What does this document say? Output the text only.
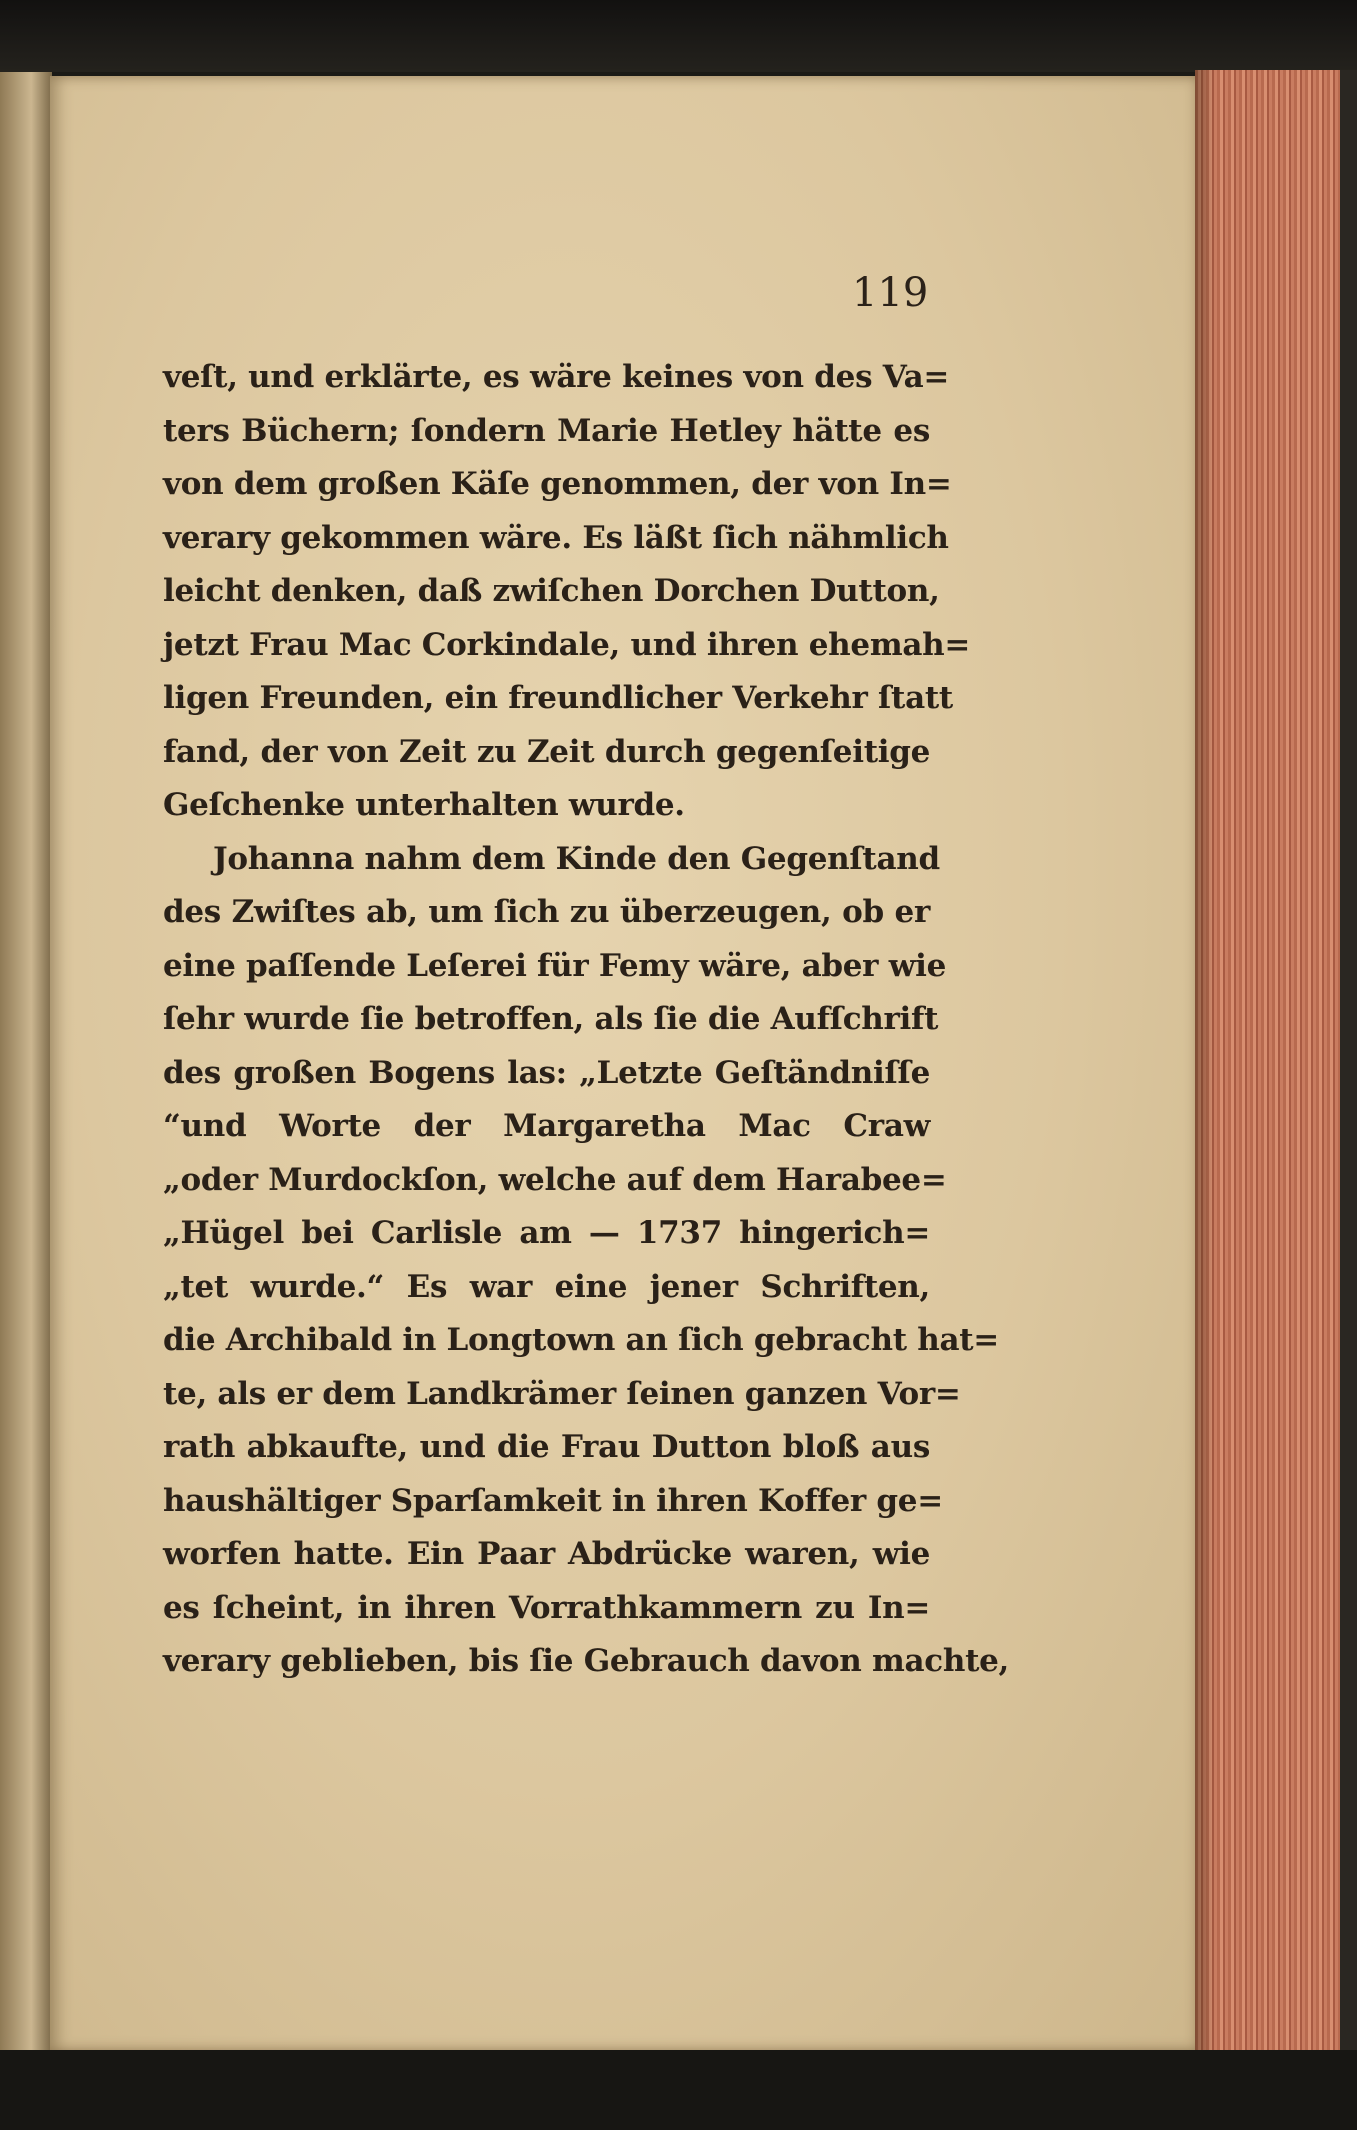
119
veſt, und erklärte, es wäre keines von des Va=
ters Büchern; ſondern Marie Hetley hätte es
von dem großen Käſe genommen, der von In=
verary gekommen wäre. Es läßt ſich nähmlich
leicht denken, daß zwiſchen Dorchen Dutton,
jetzt Frau Mac Corkindale, und ihren ehemah=
ligen Freunden, ein freundlicher Verkehr ſtatt
fand, der von Zeit zu Zeit durch gegenſeitige
Geſchenke unterhalten wurde.
Johanna nahm dem Kinde den Gegenſtand
des Zwiſtes ab, um ſich zu überzeugen, ob er
eine paſſende Leſerei für Femy wäre, aber wie
ſehr wurde ſie betroffen, als ſie die Aufſchrift
des großen Bogens las: „Letzte Geſtändniſſe
“und Worte der Margaretha Mac Craw
„oder Murdockſon, welche auf dem Harabee=
„Hügel bei Carlisle am — 1737 hingerich=
„tet wurde.“ Es war eine jener Schriften,
die Archibald in Longtown an ſich gebracht hat=
te, als er dem Landkrämer ſeinen ganzen Vor=
rath abkaufte, und die Frau Dutton bloß aus
haushältiger Sparſamkeit in ihren Koffer ge=
worfen hatte. Ein Paar Abdrücke waren, wie
es ſcheint, in ihren Vorrathkammern zu In=
verary geblieben, bis ſie Gebrauch davon machte,
